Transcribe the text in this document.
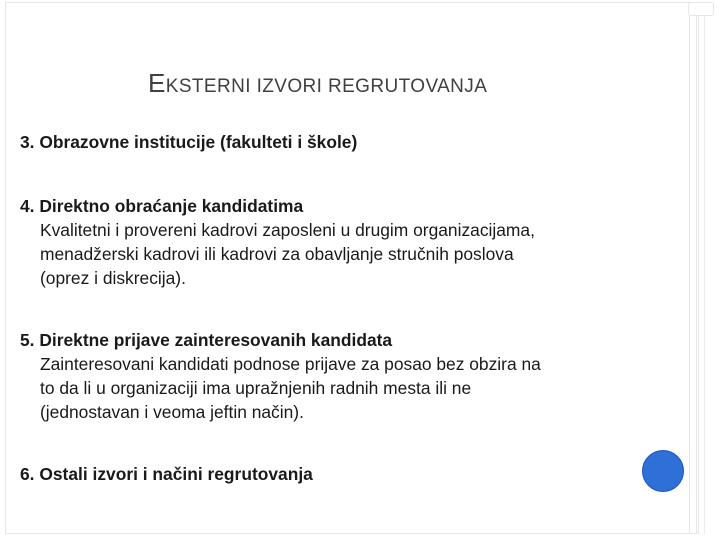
EKSTERNI IZVORI REGRUTOVANJA
3. Obrazovne institucije (fakulteti i škole)
4. Direktno obraćanje kandidatima
Kvalitetni i provereni kadrovi zaposleni u drugim organizacijama,
menadžerski kadrovi ili kadrovi za obavljanje stručnih poslova
(oprez i diskrecija).
5. Direktne prijave zainteresovanih kandidata
Zainteresovani kandidati podnose prijave za posao bez obzira na
to da li u organizaciji ima upražnjenih radnih mesta ili ne
(jednostavan i veoma jeftin način).
6. Ostali izvori i načini regrutovanja
